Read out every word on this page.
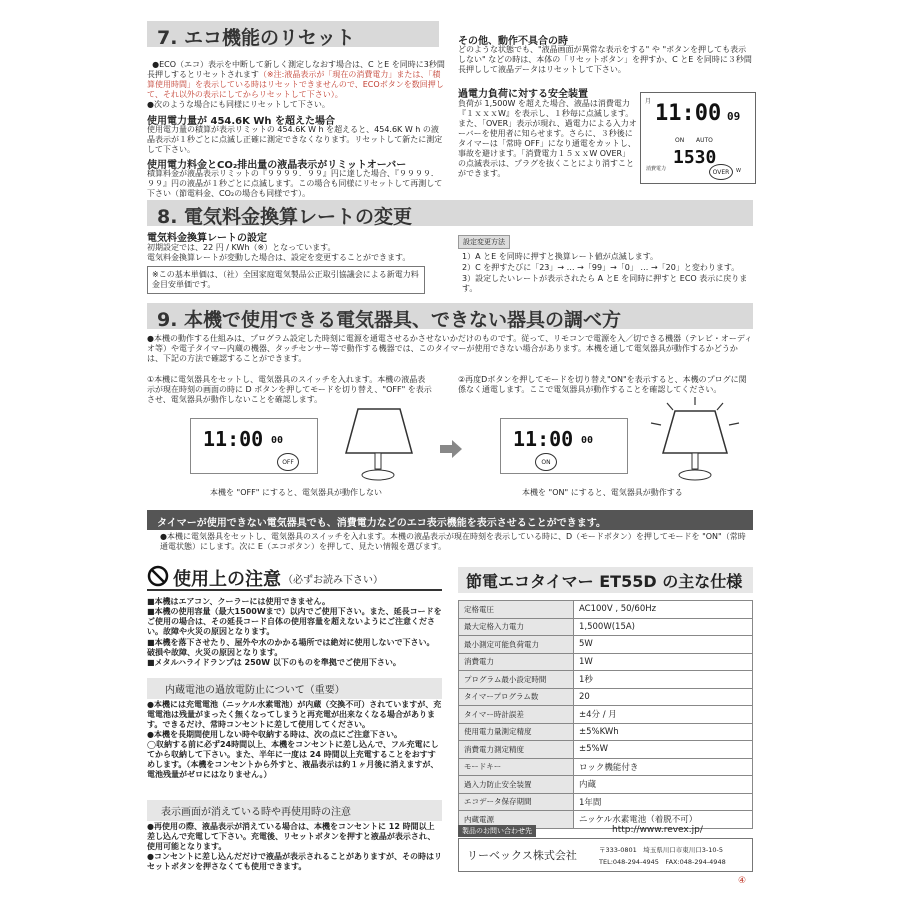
7. エコ機能のリセット

●ECO（エコ）表示を中断して新しく測定しなおす場合は、C とE を同時に3秒間長押しするとリセットされます（※注:液晶表示が「現在の消費電力」または、「積算使用時間」を表示している時はリセットできませんので、ECOボタンを数回押して、それ以外の表示にしてからリセットして下さい）。

●次のような場合にも同様にリセットして下さい。
使用電力量が 454.6K Wh を超えた場合
使用電力量の積算が表示リミットの 454.6K W h を超えると、454.6K W h の液晶表示が１秒ごとに点滅し正確に測定できなくなります。リセットして新たに測定して下さい。
使用電力料金とCO₂排出量の液晶表示がリミットオーバー
積算料金が液晶表示リミットの『９９９９．９９』円に達した場合、『９９９９．９９』円の液晶が１秒ごとに点滅します。この場合も同様にリセットして再測して下さい（節電料金、CO₂の場合も同様です）。
その他、動作不具合の時
どのような状態でも、"液晶画面が異常な表示をする" や "ボタンを押しても表示しない" などの時は、本体の「リセットボタン」を押すか、C とE を同時に３秒間長押しして液晶データはリセットして下さい。
過電力負荷に対する安全装置
負荷が 1,500W を超えた場合、液晶は消費電力『１ｘｘｘW』を表示し、１秒毎に点滅します。また、「OVER」表示が現れ、過電力による入力オーバーを使用者に知らせます。さらに、３秒後にタイマーは「常時 OFF」になり通電をカットし、事故を避けます。「消費電力１５ｘｘW OVER」の点滅表示は、プラグを抜くことにより消すことができます。
月 11:00 09
ON AUTO
消費電力
1530
OVER	W
8. 電気料金換算レートの変更
電気料金換算レートの設定
初期設定では、22 円 / KWh（※）となっています。
電気料金換算レートが変動した場合は、設定を変更することができます。
※この基本単価は、（社）全国家庭電気製品公正取引協議会による新電力料金目安単価です。
設定変更方法
1）A とE を同時に押すと換算レート値が点滅します。
2）C を押すたびに「23」→ … →「99」→「0」 … →「20」と変わります。
3）設定したいレートが表示されたら A とE を同時に押すと ECO 表示に戻ります。
9. 本機で使用できる電気器具、できない器具の調べ方
●本機の動作する仕組みは、プログラム設定した時刻に電源を通電させるかさせないかだけのものです。従って、リモコンで電源を入／切できる機器（テレビ・オーディオ等）や電子タイマー内蔵の機器、タッチセンサー等で動作する機器では、このタイマーが使用できない場合があります。本機を通して電気器具が動作するかどうかは、下記の方法で確認することができます。
①本機に電気器具をセットし、電気器具のスイッチを入れます。本機の液晶表示が現在時刻の画面の時に D ボタンを押してモードを切り替え、"OFF" を表示させ、電気器具が動作しないことを確認します。
②再度Dボタンを押してモードを切り替え"ON"を表示すると、本機のプログに関係なく通電します。ここで電気器具が動作することを確認してください。
11:00 00
OFF
本機を "OFF" にすると、電気器具が動作しない
11:00 00
ON
本機を "ON" にすると、電気器具が動作する
タイマーが使用できない電気器具でも、消費電力などのエコ表示機能を表示させることができます。
●本機に電気器具をセットし、電気器具のスイッチを入れます。本機の液晶表示が現在時刻を表示している時に、D（モードボタン）を押してモードを "ON"（常時通電状態）にします。次に E（エコボタン）を押して、見たい情報を選びます。
使用上の注意 （必ずお読み下さい）
■本機はエアコン、クーラーには使用できません。
■本機の使用容量（最大1500Wまで）以内でご使用下さい。また、延長コードをご使用の場合は、その延長コード自体の使用容量を超えないようにご注意ください。故障や火災の原因となります。
■本機を落下させたり、屋外や水のかかる場所では絶対に使用しないで下さい。破損や故障、火災の原因となります。
■メタルハライドランプは 250W 以下のものを準拠でご使用下さい。
内蔵電池の過放電防止について（重要）
●本機には充電電池（ニッケル水素電池）が内蔵（交換不可）されていますが、充電電池は残量がまったく無くなってしまうと再充電が出来なくなる場合があります。できるだけ、常時コンセントに差して使用してください。
●本機を長期間使用しない時や収納する時は、次の点にご注意下さい。
◯収納する前に必ず24時間以上、本機をコンセントに差し込んで、フル充電にしてから収納して下さい。また、半年に一度は 24 時間以上充電することをおすすめします。（本機をコンセントから外すと、液晶表示は約１ヶ月後に消えますが、電池残量がゼロにはなりません。）
表示画面が消えている時や再使用時の注意
●再使用の際、液晶表示が消えている場合は、本機をコンセントに 12 時間以上差し込んで充電して下さい。充電後、リセットボタンを押すと液晶が表示され、使用可能となります。
●コンセントに差し込んだだけで液晶が表示されることがありますが、その時はリセットボタンを押さなくても使用できます。
節電エコタイマー ET55D の主な仕様
定格電圧	AC100V , 50/60Hz
最大定格入力電力	1,500W(15A)
最小測定可能負荷電力	5W
消費電力	1W
プログラム最小設定時間	1秒
タイマープログラム数	20
タイマー時計誤差	±4分 / 月
使用電力量測定精度	±5%KWh
消費電力測定精度	±5%W
モードキー	ロック機能付き
過入力防止安全装置	内蔵
エコデータ保存期間	1年間
内蔵電源	ニッケル水素電池（着脱不可）
製品のお問い合わせ先	http://www.revex.jp/
リーベックス株式会社	〒333-0801　埼玉県川口市東川口3-10-5
TEL:048-294-4945　FAX:048-294-4948
④
